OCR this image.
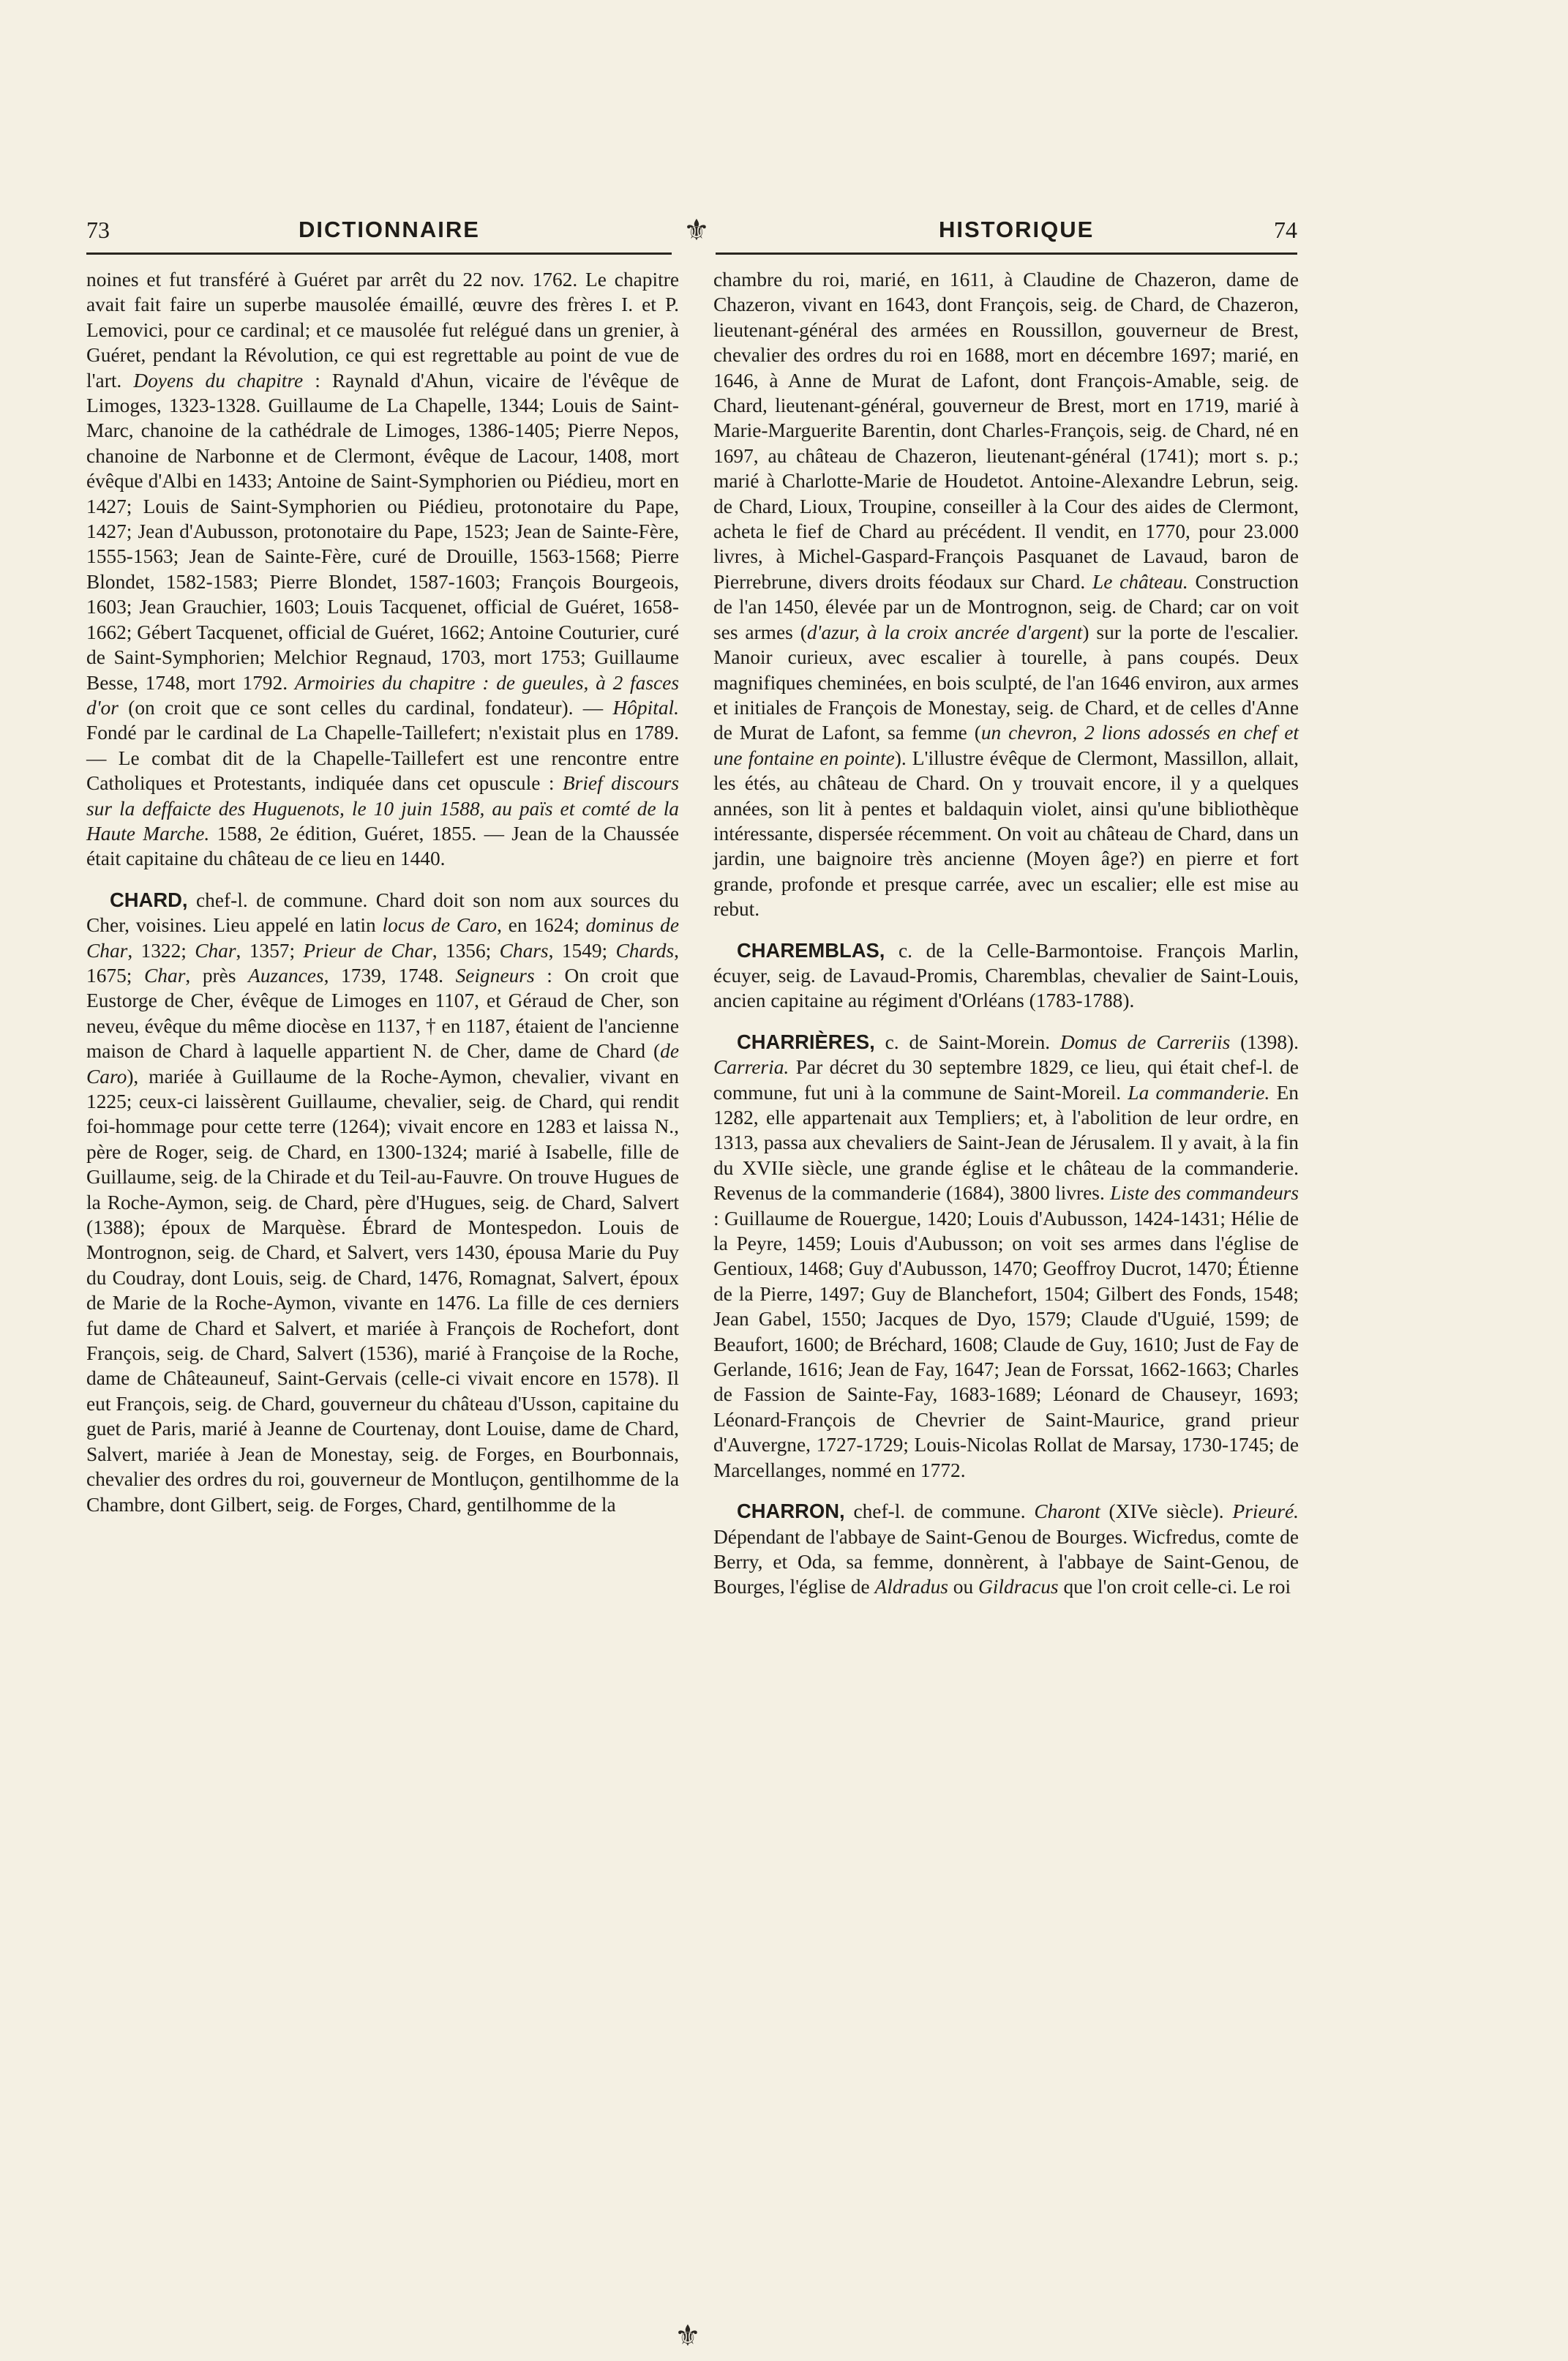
73	DICTIONNAIRE	HISTORIQUE	74
⚜
⚜

noines et fut transféré à Guéret par arrêt du 22 nov. 1762. Le chapitre avait fait faire un superbe mausolée émaillé, œuvre des frères I. et P. Lemovici, pour ce cardinal; et ce mausolée fut relégué dans un grenier, à Guéret, pendant la Révolution, ce qui est regrettable au point de vue de l'art. Doyens du chapitre : Raynald d'Ahun, vicaire de l'évêque de Limoges, 1323-1328. Guillaume de La Chapelle, 1344; Louis de Saint-Marc, chanoine de la cathédrale de Limoges, 1386-1405; Pierre Nepos, chanoine de Narbonne et de Clermont, évêque de Lacour, 1408, mort évêque d'Albi en 1433; Antoine de Saint-Symphorien ou Piédieu, mort en 1427; Louis de Saint-Symphorien ou Piédieu, protonotaire du Pape, 1427; Jean d'Aubusson, protonotaire du Pape, 1523; Jean de Sainte-Fère, 1555-1563; Jean de Sainte-Fère, curé de Drouille, 1563-1568; Pierre Blondet, 1582-1583; Pierre Blondet, 1587-1603; François Bourgeois, 1603; Jean Grauchier, 1603; Louis Tacquenet, official de Guéret, 1658-1662; Gébert Tacquenet, official de Guéret, 1662; Antoine Couturier, curé de Saint-Symphorien; Melchior Regnaud, 1703, mort 1753; Guillaume Besse, 1748, mort 1792. Armoiries du chapitre : de gueules, à 2 fasces d'or (on croit que ce sont celles du cardinal, fondateur). — Hôpital. Fondé par le cardinal de La Chapelle-Taillefert; n'existait plus en 1789. — Le combat dit de la Chapelle-Taillefert est une rencontre entre Catholiques et Protestants, indiquée dans cet opuscule : Brief discours sur la deffaicte des Huguenots, le 10 juin 1588, au païs et comté de la Haute Marche. 1588, 2e édition, Guéret, 1855. — Jean de la Chaussée était capitaine du château de ce lieu en 1440.

CHARD, chef-l. de commune. Chard doit son nom aux sources du Cher, voisines. Lieu appelé en latin locus de Caro, en 1624; dominus de Char, 1322; Char, 1357; Prieur de Char, 1356; Chars, 1549; Chards, 1675; Char, près Auzances, 1739, 1748. Seigneurs : On croit que Eustorge de Cher, évêque de Limoges en 1107, et Géraud de Cher, son neveu, évêque du même diocèse en 1137, † en 1187, étaient de l'ancienne maison de Chard à laquelle appartient N. de Cher, dame de Chard (de Caro), mariée à Guillaume de la Roche-Aymon, chevalier, vivant en 1225; ceux-ci laissèrent Guillaume, chevalier, seig. de Chard, qui rendit foi-hommage pour cette terre (1264); vivait encore en 1283 et laissa N., père de Roger, seig. de Chard, en 1300-1324; marié à Isabelle, fille de Guillaume, seig. de la Chirade et du Teil-au-Fauvre. On trouve Hugues de la Roche-Aymon, seig. de Chard, père d'Hugues, seig. de Chard, Salvert (1388); époux de Marquèse. Ébrard de Montespedon. Louis de Montrognon, seig. de Chard, et Salvert, vers 1430, épousa Marie du Puy du Coudray, dont Louis, seig. de Chard, 1476, Romagnat, Salvert, époux de Marie de la Roche-Aymon, vivante en 1476. La fille de ces derniers fut dame de Chard et Salvert, et mariée à François de Rochefort, dont François, seig. de Chard, Salvert (1536), marié à Françoise de la Roche, dame de Châteauneuf, Saint-Gervais (celle-ci vivait encore en 1578). Il eut François, seig. de Chard, gouverneur du château d'Usson, capitaine du guet de Paris, marié à Jeanne de Courtenay, dont Louise, dame de Chard, Salvert, mariée à Jean de Monestay, seig. de Forges, en Bourbonnais, chevalier des ordres du roi, gouverneur de Montluçon, gentilhomme de la Chambre, dont Gilbert, seig. de Forges, Chard, gentilhomme de la

chambre du roi, marié, en 1611, à Claudine de Chazeron, dame de Chazeron, vivant en 1643, dont François, seig. de Chard, de Chazeron, lieutenant-général des armées en Roussillon, gouverneur de Brest, chevalier des ordres du roi en 1688, mort en décembre 1697; marié, en 1646, à Anne de Murat de Lafont, dont François-Amable, seig. de Chard, lieutenant-général, gouverneur de Brest, mort en 1719, marié à Marie-Marguerite Barentin, dont Charles-François, seig. de Chard, né en 1697, au château de Chazeron, lieutenant-général (1741); mort s. p.; marié à Charlotte-Marie de Houdetot. Antoine-Alexandre Lebrun, seig. de Chard, Lioux, Troupine, conseiller à la Cour des aides de Clermont, acheta le fief de Chard au précédent. Il vendit, en 1770, pour 23.000 livres, à Michel-Gaspard-François Pasquanet de Lavaud, baron de Pierrebrune, divers droits féodaux sur Chard. Le château. Construction de l'an 1450, élevée par un de Montrognon, seig. de Chard; car on voit ses armes (d'azur, à la croix ancrée d'argent) sur la porte de l'escalier. Manoir curieux, avec escalier à tourelle, à pans coupés. Deux magnifiques cheminées, en bois sculpté, de l'an 1646 environ, aux armes et initiales de François de Monestay, seig. de Chard, et de celles d'Anne de Murat de Lafont, sa femme (un chevron, 2 lions adossés en chef et une fontaine en pointe). L'illustre évêque de Clermont, Massillon, allait, les étés, au château de Chard. On y trouvait encore, il y a quelques années, son lit à pentes et baldaquin violet, ainsi qu'une bibliothèque intéressante, dispersée récemment. On voit au château de Chard, dans un jardin, une baignoire très ancienne (Moyen âge?) en pierre et fort grande, profonde et presque carrée, avec un escalier; elle est mise au rebut.

CHAREMBLAS, c. de la Celle-Barmontoise. François Marlin, écuyer, seig. de Lavaud-Promis, Charemblas, chevalier de Saint-Louis, ancien capitaine au régiment d'Orléans (1783-1788).

CHARRIÈRES, c. de Saint-Morein. Domus de Carreriis (1398). Carreria. Par décret du 30 septembre 1829, ce lieu, qui était chef-l. de commune, fut uni à la commune de Saint-Moreil. La commanderie. En 1282, elle appartenait aux Templiers; et, à l'abolition de leur ordre, en 1313, passa aux chevaliers de Saint-Jean de Jérusalem. Il y avait, à la fin du XVIIe siècle, une grande église et le château de la commanderie. Revenus de la commanderie (1684), 3800 livres. Liste des commandeurs : Guillaume de Rouergue, 1420; Louis d'Aubusson, 1424-1431; Hélie de la Peyre, 1459; Louis d'Aubusson; on voit ses armes dans l'église de Gentioux, 1468; Guy d'Aubusson, 1470; Geoffroy Ducrot, 1470; Étienne de la Pierre, 1497; Guy de Blanchefort, 1504; Gilbert des Fonds, 1548; Jean Gabel, 1550; Jacques de Dyo, 1579; Claude d'Uguié, 1599; de Beaufort, 1600; de Bréchard, 1608; Claude de Guy, 1610; Just de Fay de Gerlande, 1616; Jean de Fay, 1647; Jean de Forssat, 1662-1663; Charles de Fassion de Sainte-Fay, 1683-1689; Léonard de Chauseyr, 1693; Léonard-François de Chevrier de Saint-Maurice, grand prieur d'Auvergne, 1727-1729; Louis-Nicolas Rollat de Marsay, 1730-1745; de Marcellanges, nommé en 1772.

CHARRON, chef-l. de commune. Charont (XIVe siècle). Prieuré. Dépendant de l'abbaye de Saint-Genou de Bourges. Wicfredus, comte de Berry, et Oda, sa femme, donnèrent, à l'abbaye de Saint-Genou, de Bourges, l'église de Aldradus ou Gildracus que l'on croit celle-ci. Le roi
